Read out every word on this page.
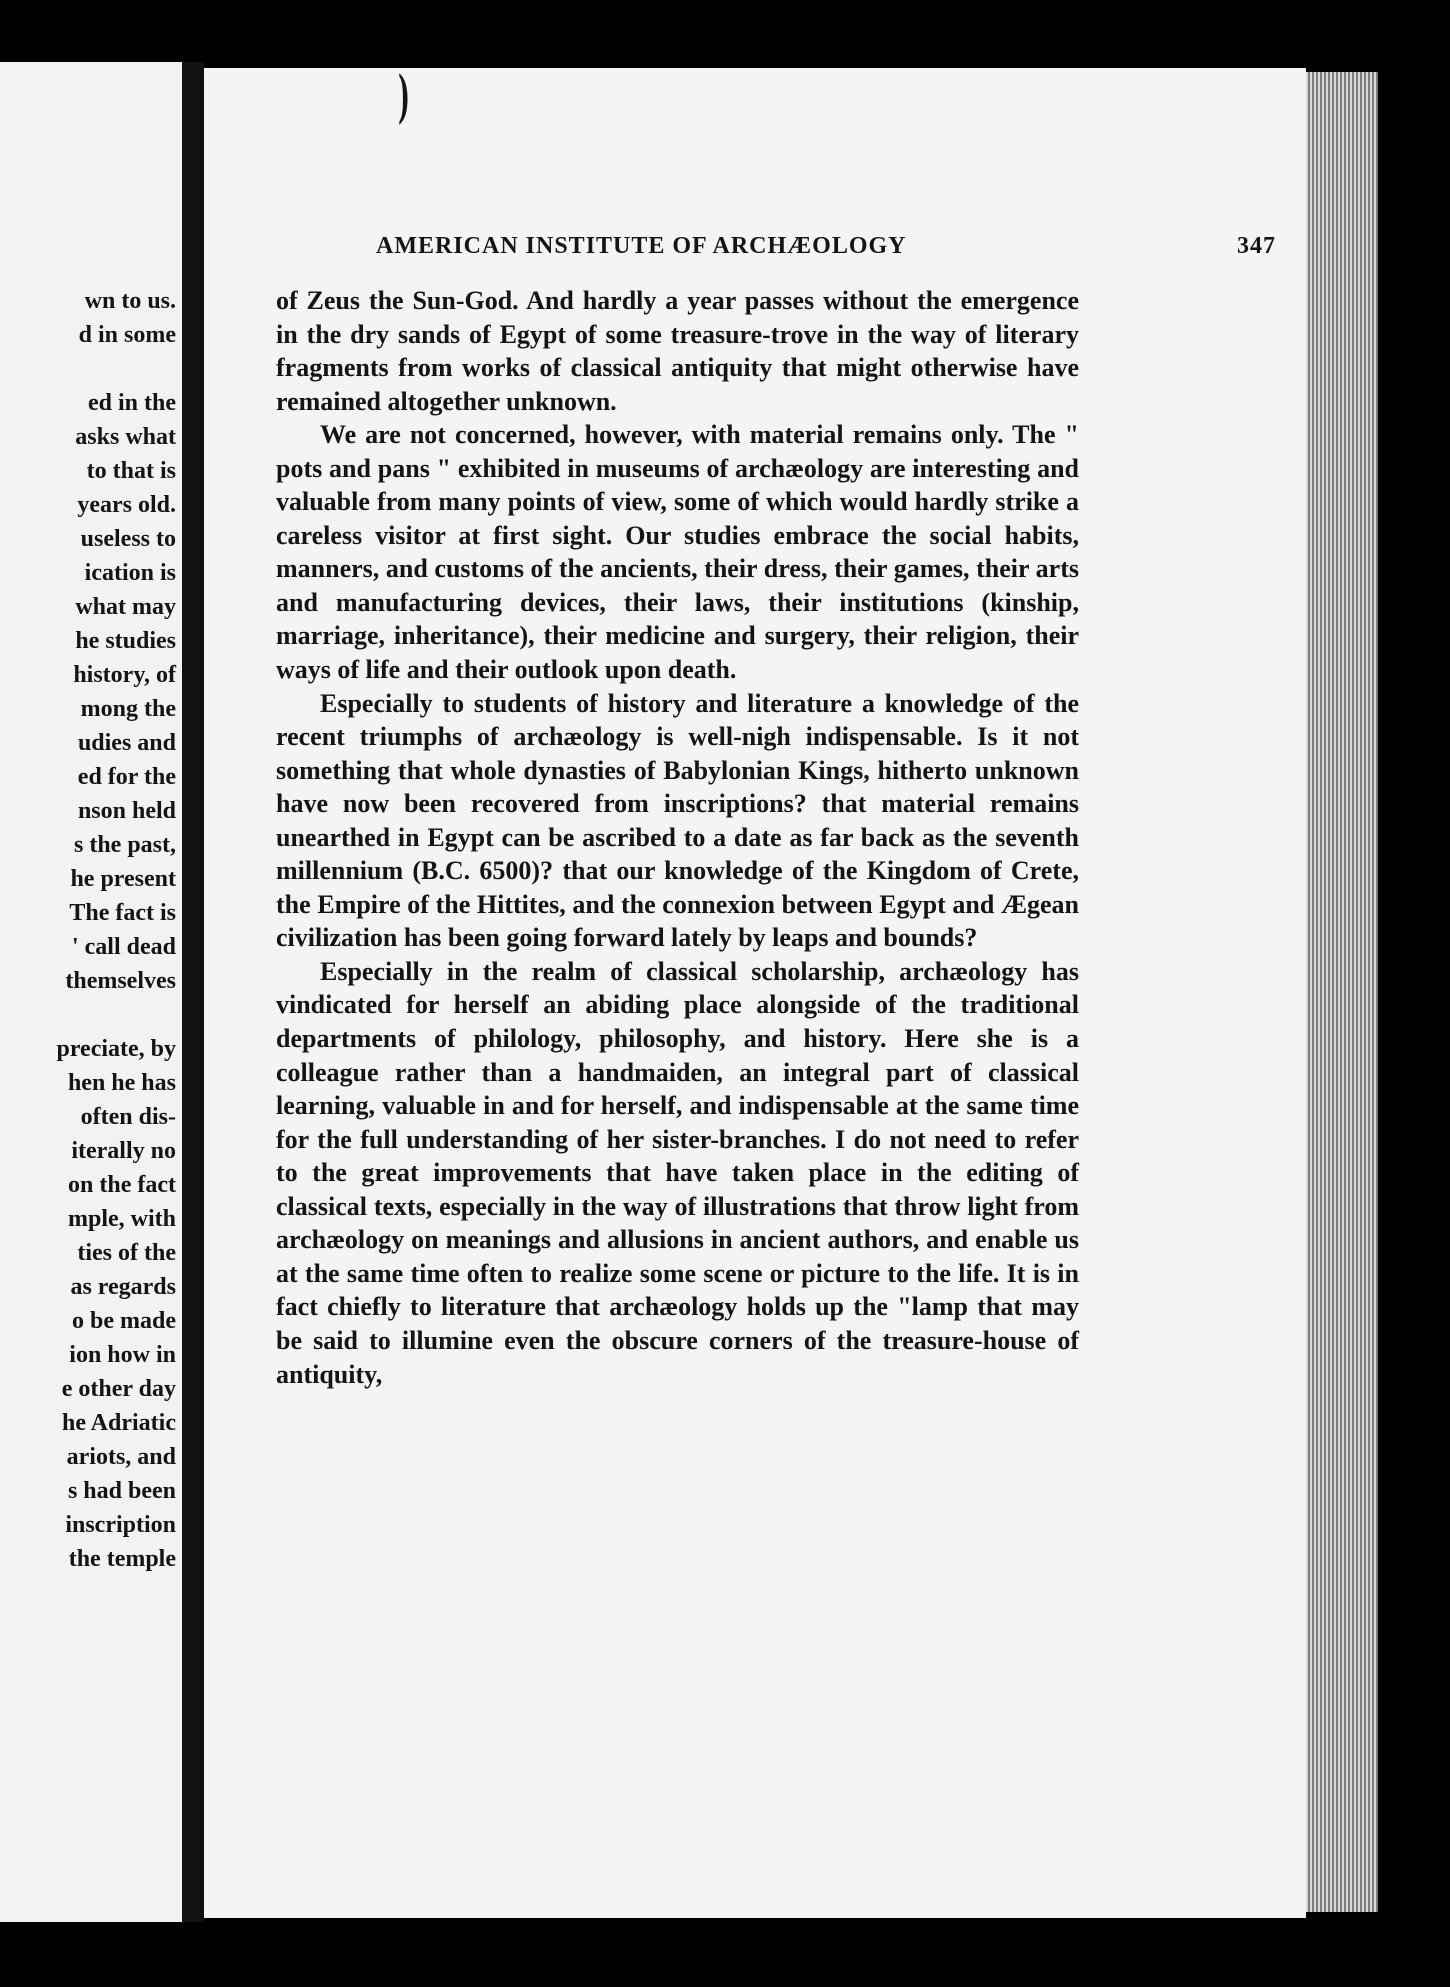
wn to us.
d in some
ed in the
asks what
to that is
years old.
useless to
ication is
what may
he studies
history, of
mong the
udies and
ed for the
nson held
s the past,
he present
The fact is
' call dead
themselves
preciate, by
hen he has
often dis-
iterally no
on the fact
mple, with
ties of the
as regards
o be made
ion how in
e other day
he Adriatic
ariots, and
s had been
inscription
the temple
)
AMERICAN INSTITUTE OF ARCHÆOLOGY	347

of Zeus the Sun-God. And hardly a year passes without the emergence in the dry sands of Egypt of some treasure-trove in the way of literary fragments from works of classical antiquity that might otherwise have remained altogether unknown.

We are not concerned, however, with material remains only. The " pots and pans " exhibited in museums of archæology are interesting and valuable from many points of view, some of which would hardly strike a careless visitor at first sight. Our studies embrace the social habits, manners, and customs of the ancients, their dress, their games, their arts and manufacturing devices, their laws, their institutions (kinship, marriage, inheritance), their medicine and surgery, their religion, their ways of life and their outlook upon death.

Especially to students of history and literature a knowledge of the recent triumphs of archæology is well-nigh indispensable. Is it not something that whole dynasties of Babylonian Kings, hitherto unknown have now been recovered from inscriptions? that material remains unearthed in Egypt can be ascribed to a date as far back as the seventh millennium (B.C. 6500)? that our knowledge of the Kingdom of Crete, the Empire of the Hittites, and the connexion between Egypt and Ægean civilization has been going forward lately by leaps and bounds?

Especially in the realm of classical scholarship, archæology has vindicated for herself an abiding place alongside of the traditional departments of philology, philosophy, and history. Here she is a colleague rather than a handmaiden, an integral part of classical learning, valuable in and for herself, and indispensable at the same time for the full understanding of her sister-branches. I do not need to refer to the great improvements that have taken place in the editing of classical texts, especially in the way of illustrations that throw light from archæology on meanings and allusions in ancient authors, and enable us at the same time often to realize some scene or picture to the life. It is in fact chiefly to literature that archæology holds up the "lamp that may be said to illumine even the obscure corners of the treasure-house of antiquity,
